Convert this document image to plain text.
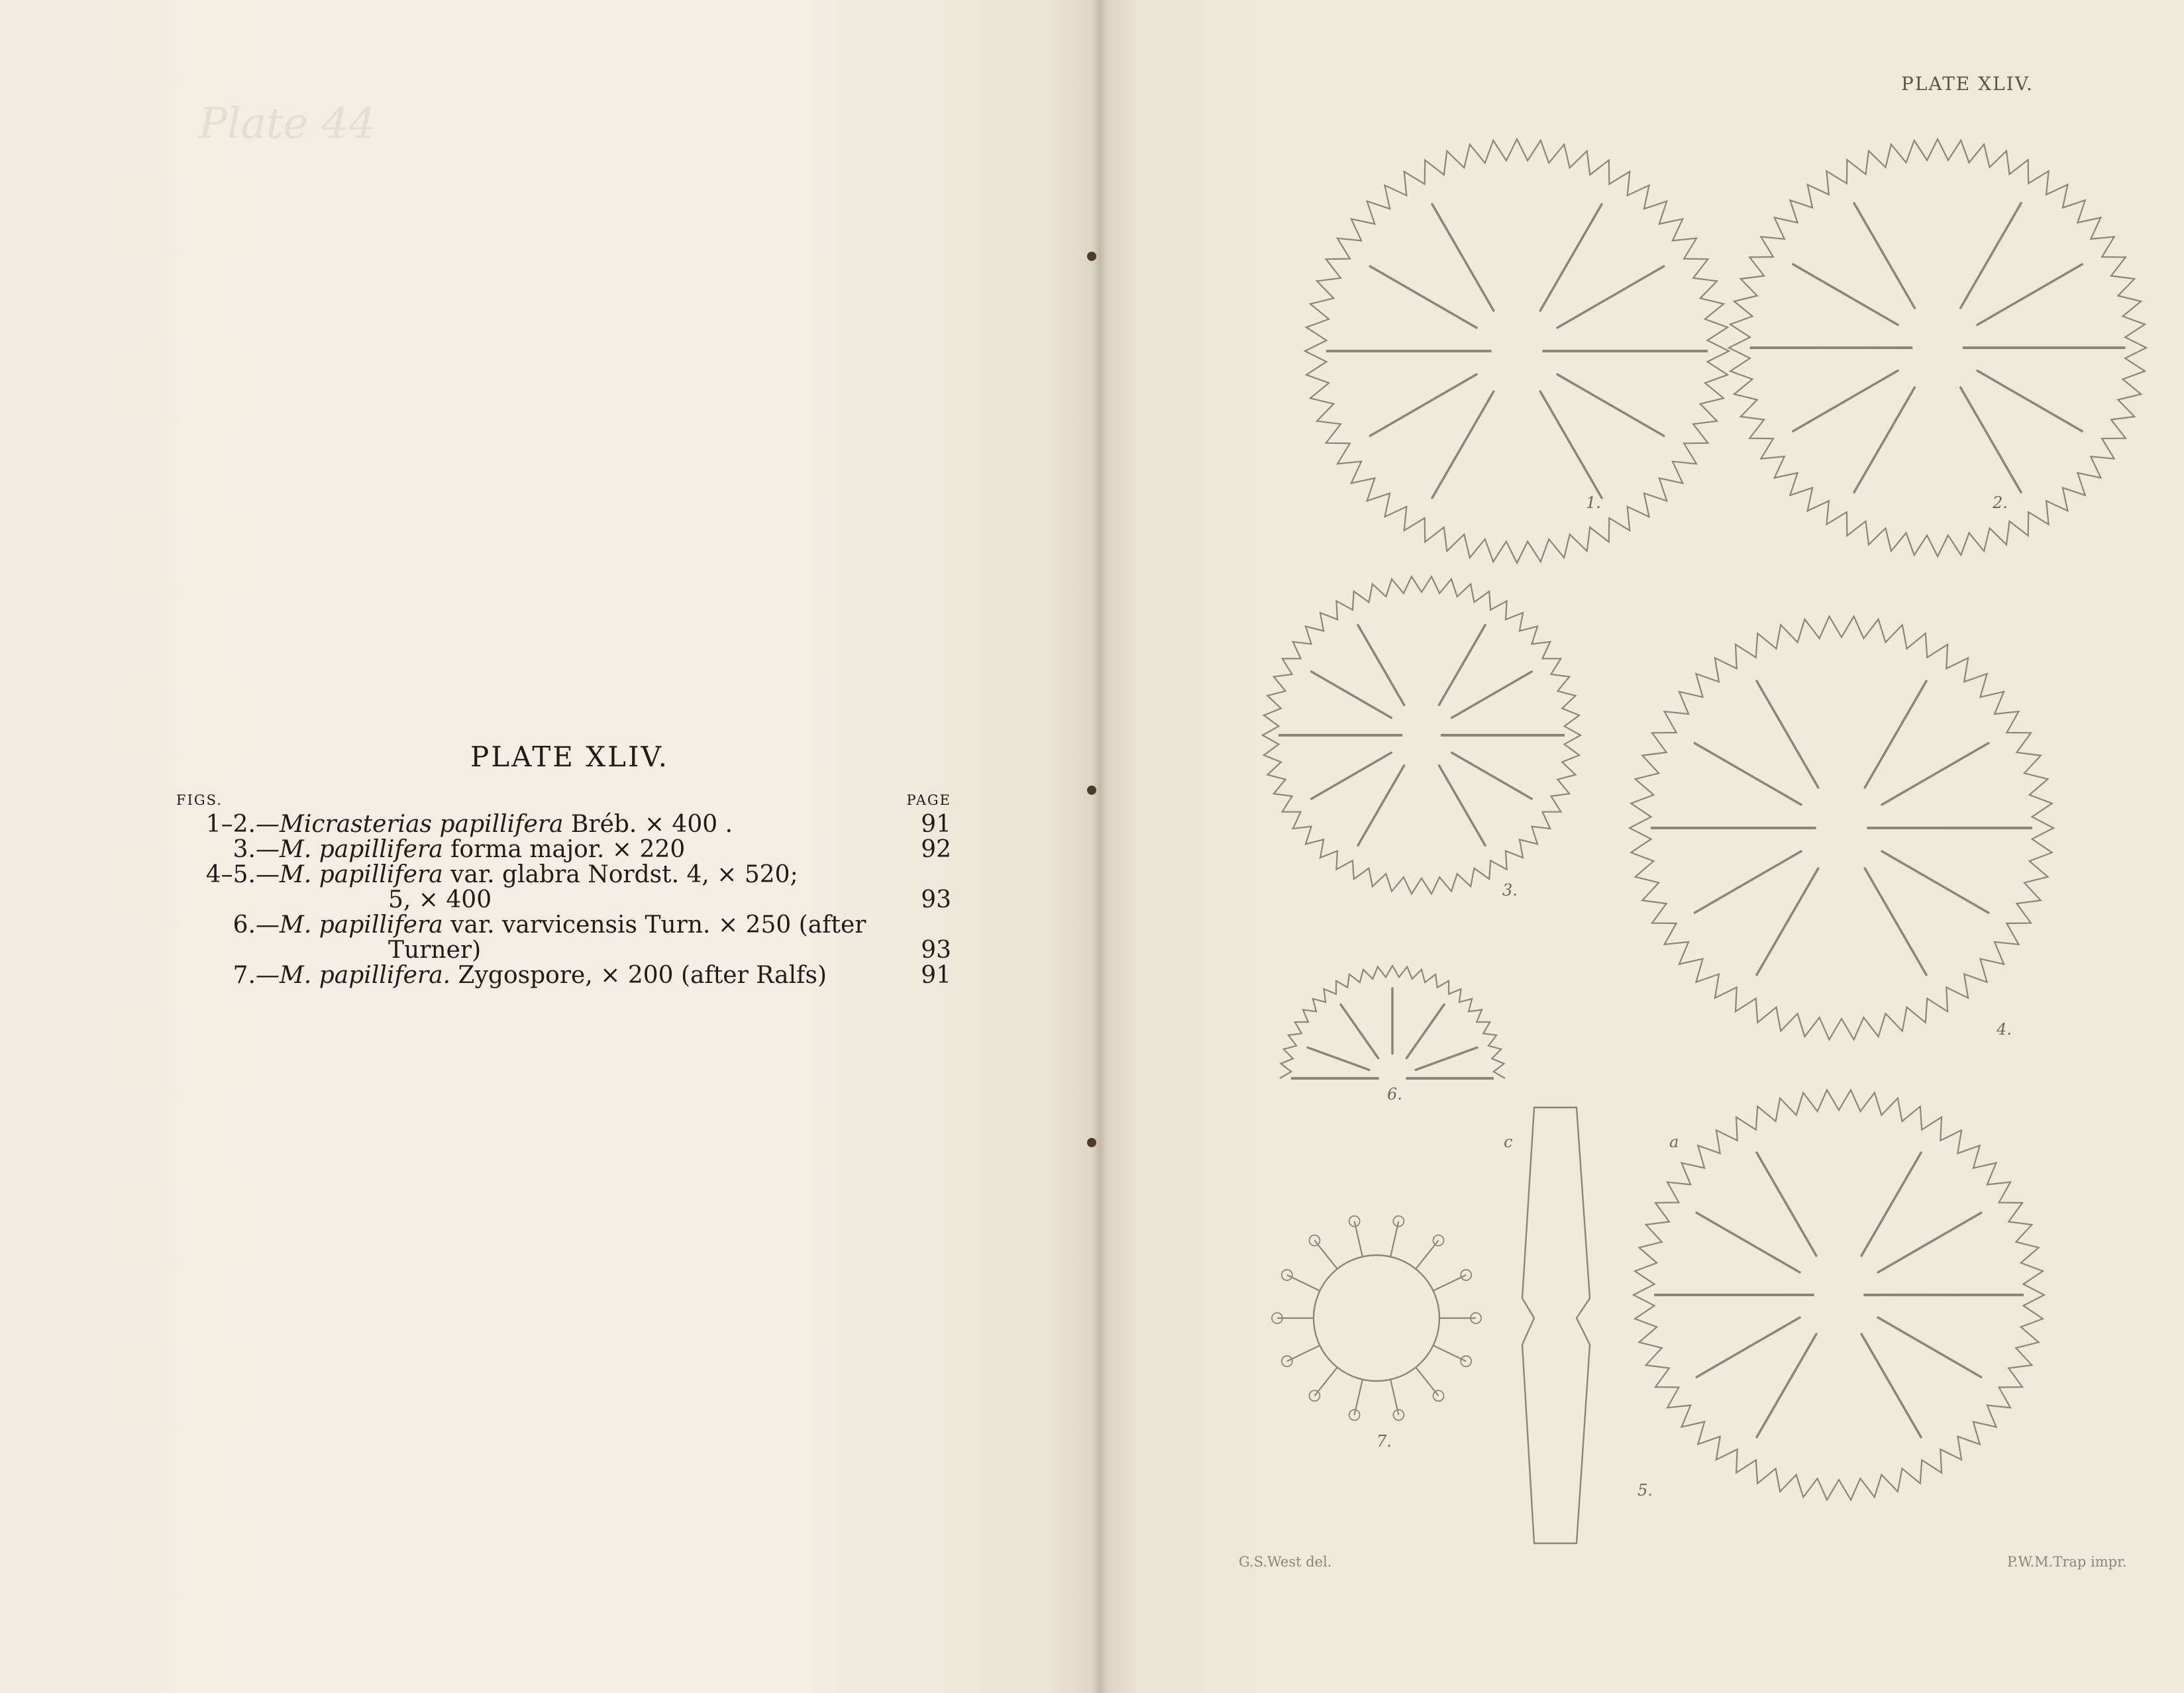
Plate 44
PLATE XLIV.
FIGS.	PAGE
1–2.—Micrasterias papillifera Bréb. × 400 .	91
3.—M. papillifera forma major. × 220	92
4–5.—M. papillifera var. glabra Nordst. 4, × 520;
5, × 400	93
6.—M. papillifera var. varvicensis Turn. × 250 (after
Turner)	93
7.—M. papillifera. Zygospore, × 200 (after Ralfs)	91
PLATE XLIV.
G.S.West del.	P.W.M.Trap impr.
1.	2.
3.
4.
5.
6.
7.
a
c
